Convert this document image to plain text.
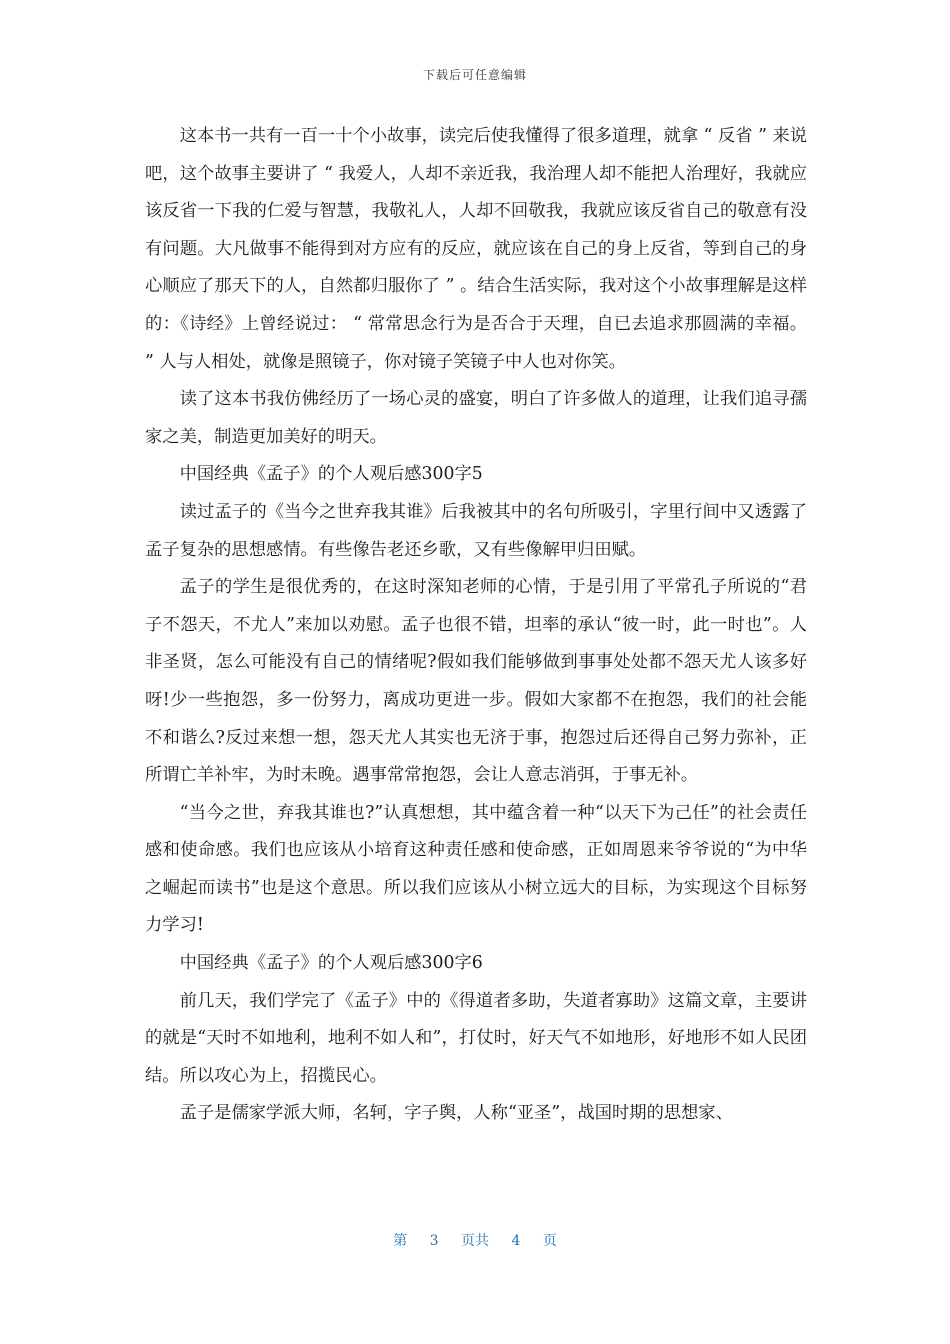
下载后可任意编辑

这本书一共有一百一十个小故事，读完后使我懂得了很多道理，就拿 “ 反省 ” 来说吧，这个故事主要讲了 “ 我爱人，人却不亲近我，我治理人却不能把人治理好，我就应该反省一下我的仁爱与智慧，我敬礼人，人却不回敬我，我就应该反省自己的敬意有没有问题。大凡做事不能得到对方应有的反应，就应该在自己的身上反省，等到自己的身心顺应了那天下的人，自然都归服你了 ” 。结合生活实际，我对这个小故事理解是这样的：《诗经》上曾经说过： “ 常常思念行为是否合于天理，自已去追求那圆满的幸福。 ” 人与人相处，就像是照镜子，你对镜子笑镜子中人也对你笑。

读了这本书我仿佛经历了一场心灵的盛宴，明白了许多做人的道理，让我们追寻孺家之美，制造更加美好的明天。

中国经典《孟子》的个人观后感300字5

读过孟子的《当今之世弃我其谁》后我被其中的名句所吸引，字里行间中又透露了孟子复杂的思想感情。有些像告老还乡歌，又有些像解甲归田赋。

孟子的学生是很优秀的，在这时深知老师的心情，于是引用了平常孔子所说的“君子不怨天，不尤人”来加以劝慰。孟子也很不错，坦率的承认“彼一时，此一时也”。人非圣贤，怎么可能没有自己的情绪呢?假如我们能够做到事事处处都不怨天尤人该多好呀!少一些抱怨，多一份努力，离成功更进一步。假如大家都不在抱怨，我们的社会能不和谐么?反过来想一想，怨天尤人其实也无济于事，抱怨过后还得自己努力弥补，正所谓亡羊补牢，为时未晚。遇事常常抱怨，会让人意志消弭，于事无补。

“当今之世，弃我其谁也?”认真想想，其中蕴含着一种“以天下为己任”的社会责任感和使命感。我们也应该从小培育这种责任感和使命感，正如周恩来爷爷说的“为中华之崛起而读书”也是这个意思。所以我们应该从小树立远大的目标，为实现这个目标努力学习!

中国经典《孟子》的个人观后感300字6

前几天，我们学完了《孟子》中的《得道者多助，失道者寡助》这篇文章，主要讲的就是“天时不如地利，地利不如人和”，打仗时，好天气不如地形，好地形不如人民团结。所以攻心为上，招揽民心。

孟子是儒家学派大师，名轲，字子舆，人称“亚圣”，战国时期的思想家、

第 3 页共 4 页
